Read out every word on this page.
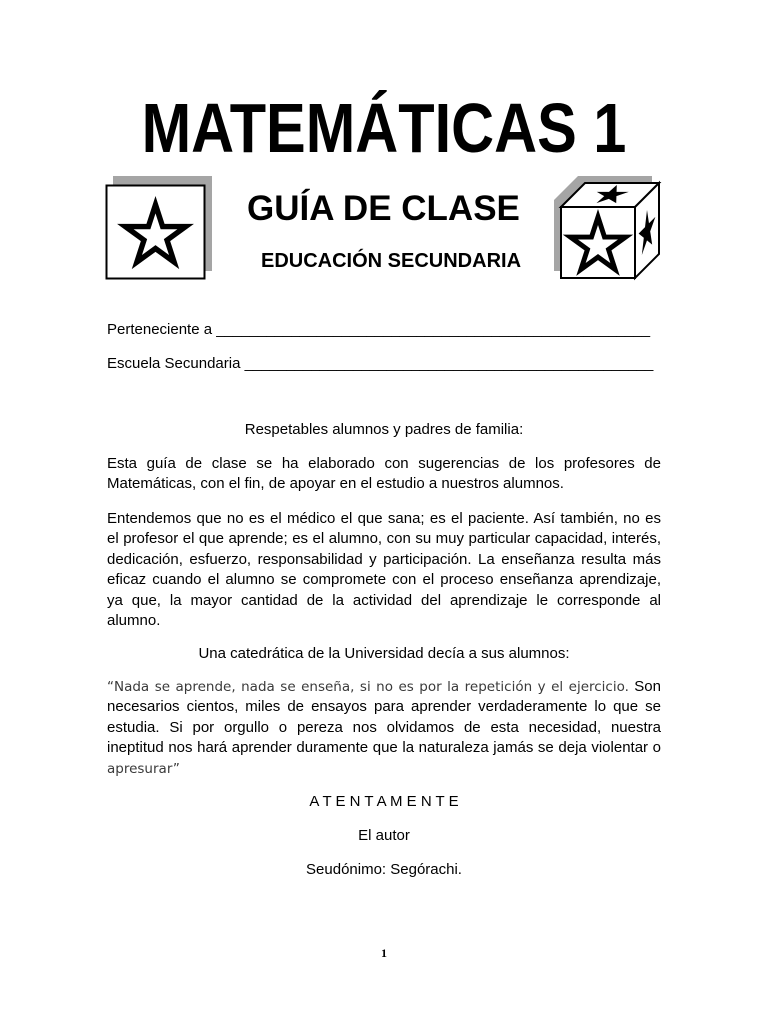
MATEMÁTICAS 1
GUÍA DE CLASE
EDUCACIÓN SECUNDARIA
Perteneciente a ____________________________________________________
Escuela Secundaria _________________________________________________
Respetables alumnos y padres de familia:
Esta guía de clase se ha elaborado con sugerencias de los profesores de
Matemáticas, con el fin, de apoyar en el estudio a nuestros alumnos.
Entendemos que no es el médico el que sana; es el paciente. Así también, no es
el profesor el que aprende; es el alumno, con su muy particular capacidad, interés,
dedicación, esfuerzo, responsabilidad y participación. La enseñanza resulta más
eficaz cuando el alumno se compromete con el proceso enseñanza aprendizaje,
ya que, la mayor cantidad de la actividad del aprendizaje le corresponde al
alumno.
Una catedrática de la Universidad decía a sus alumnos:
“Nada se aprende, nada se enseña, si no es por la repetición y el ejercicio. Son
necesarios cientos, miles de ensayos para aprender verdaderamente lo que se
estudia. Si por orgullo o pereza nos olvidamos de esta necesidad, nuestra
ineptitud nos hará aprender duramente que la naturaleza jamás se deja violentar o
apresurar”
A T E N T A M E N T E
El autor
Seudónimo: Segórachi.
1
